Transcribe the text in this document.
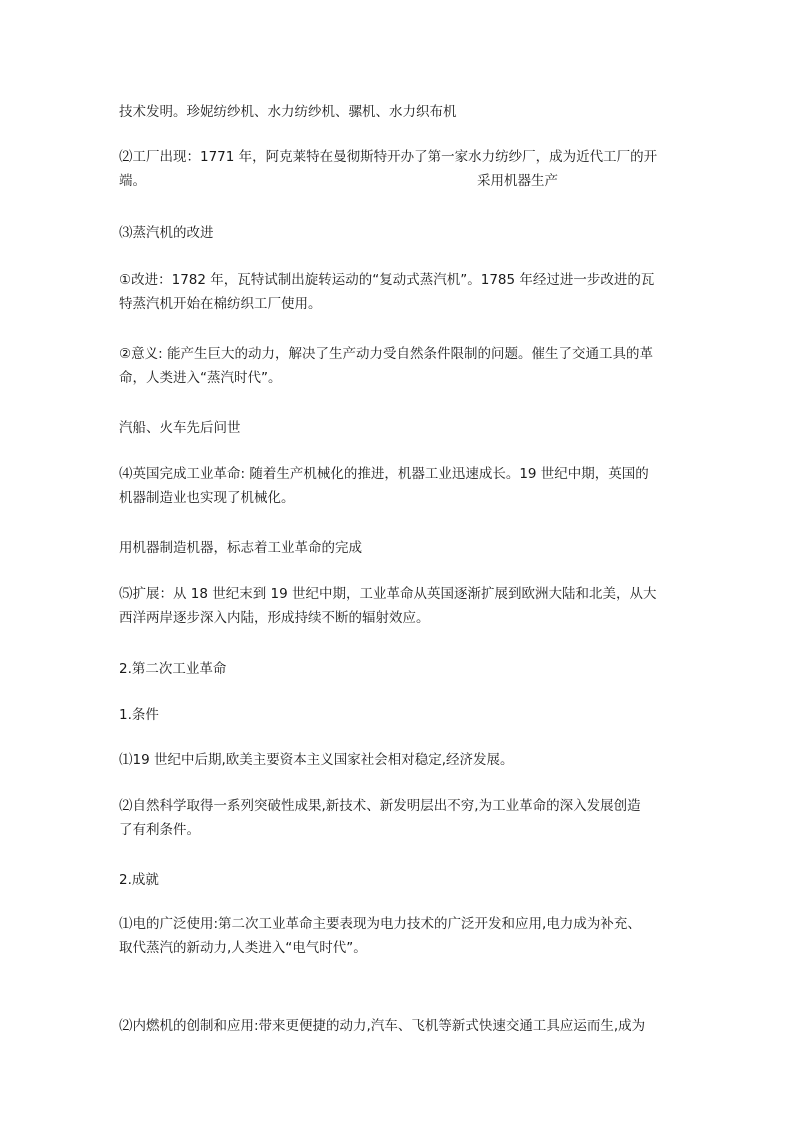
技术发明。珍妮纺纱机、水力纺纱机、骡机、水力织布机

⑵工厂出现：1771 年，阿克莱特在曼彻斯特开办了第一家水力纺纱厂，成为近代工厂的开
端。	采用机器生产

⑶蒸汽机的改进

①改进：1782 年，瓦特试制出旋转运动的“复动式蒸汽机”。1785 年经过进一步改进的瓦
特蒸汽机开始在棉纺织工厂使用。

②意义: 能产生巨大的动力，解决了生产动力受自然条件限制的问题。催生了交通工具的革
命，人类进入“蒸汽时代”。

汽船、火车先后问世

⑷英国完成工业革命: 随着生产机械化的推进，机器工业迅速成长。19 世纪中期，英国的
机器制造业也实现了机械化。

用机器制造机器，标志着工业革命的完成

⑸扩展：从 18 世纪末到 19 世纪中期，工业革命从英国逐渐扩展到欧洲大陆和北美，从大
西洋两岸逐步深入内陆，形成持续不断的辐射效应。

2.第二次工业革命

1.条件

⑴19 世纪中后期,欧美主要资本主义国家社会相对稳定,经济发展。

⑵自然科学取得一系列突破性成果,新技术、新发明层出不穷,为工业革命的深入发展创造
了有利条件。

2.成就

⑴电的广泛使用:第二次工业革命主要表现为电力技术的广泛开发和应用,电力成为补充、
取代蒸汽的新动力,人类进入“电气时代”。

⑵内燃机的创制和应用:带来更便捷的动力,汽车、飞机等新式快速交通工具应运而生,成为
